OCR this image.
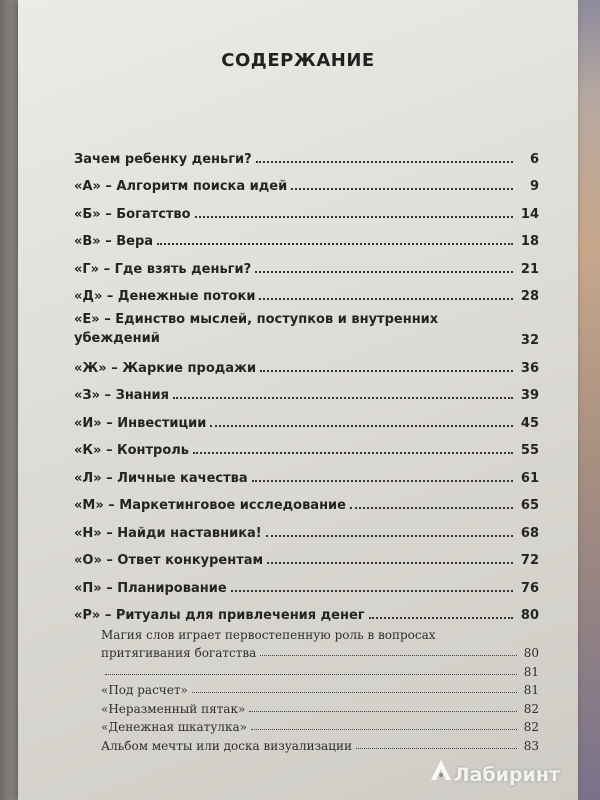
СОДЕРЖАНИЕ
Зачем ребенку деньги?	6
«А» – Алгоритм поиска идей	9
«Б» – Богатство	14
«В» – Вера	18
«Г» – Где взять деньги?	21
«Д» – Денежные потоки	28
«Е» – Единство мыслей, поступков и внутренних убеждений	32
«Ж» – Жаркие продажи	36
«З» – Знания	39
«И» – Инвестиции	45
«К» – Контроль	55
«Л» – Личные качества	61
«М» – Маркетинговое исследование	65
«Н» – Найди наставника!	68
«О» – Ответ конкурентам	72
«П» – Планирование	76
«Р» – Ритуалы для привлечения денег	80
Магия слов играет первостепенную роль в вопросах
притягивания богатства	80
81
«Под расчет»	81
«Неразменный пятак»	82
«Денежная шкатулка»	82
Альбом мечты или доска визуализации	83
Лабиринт
